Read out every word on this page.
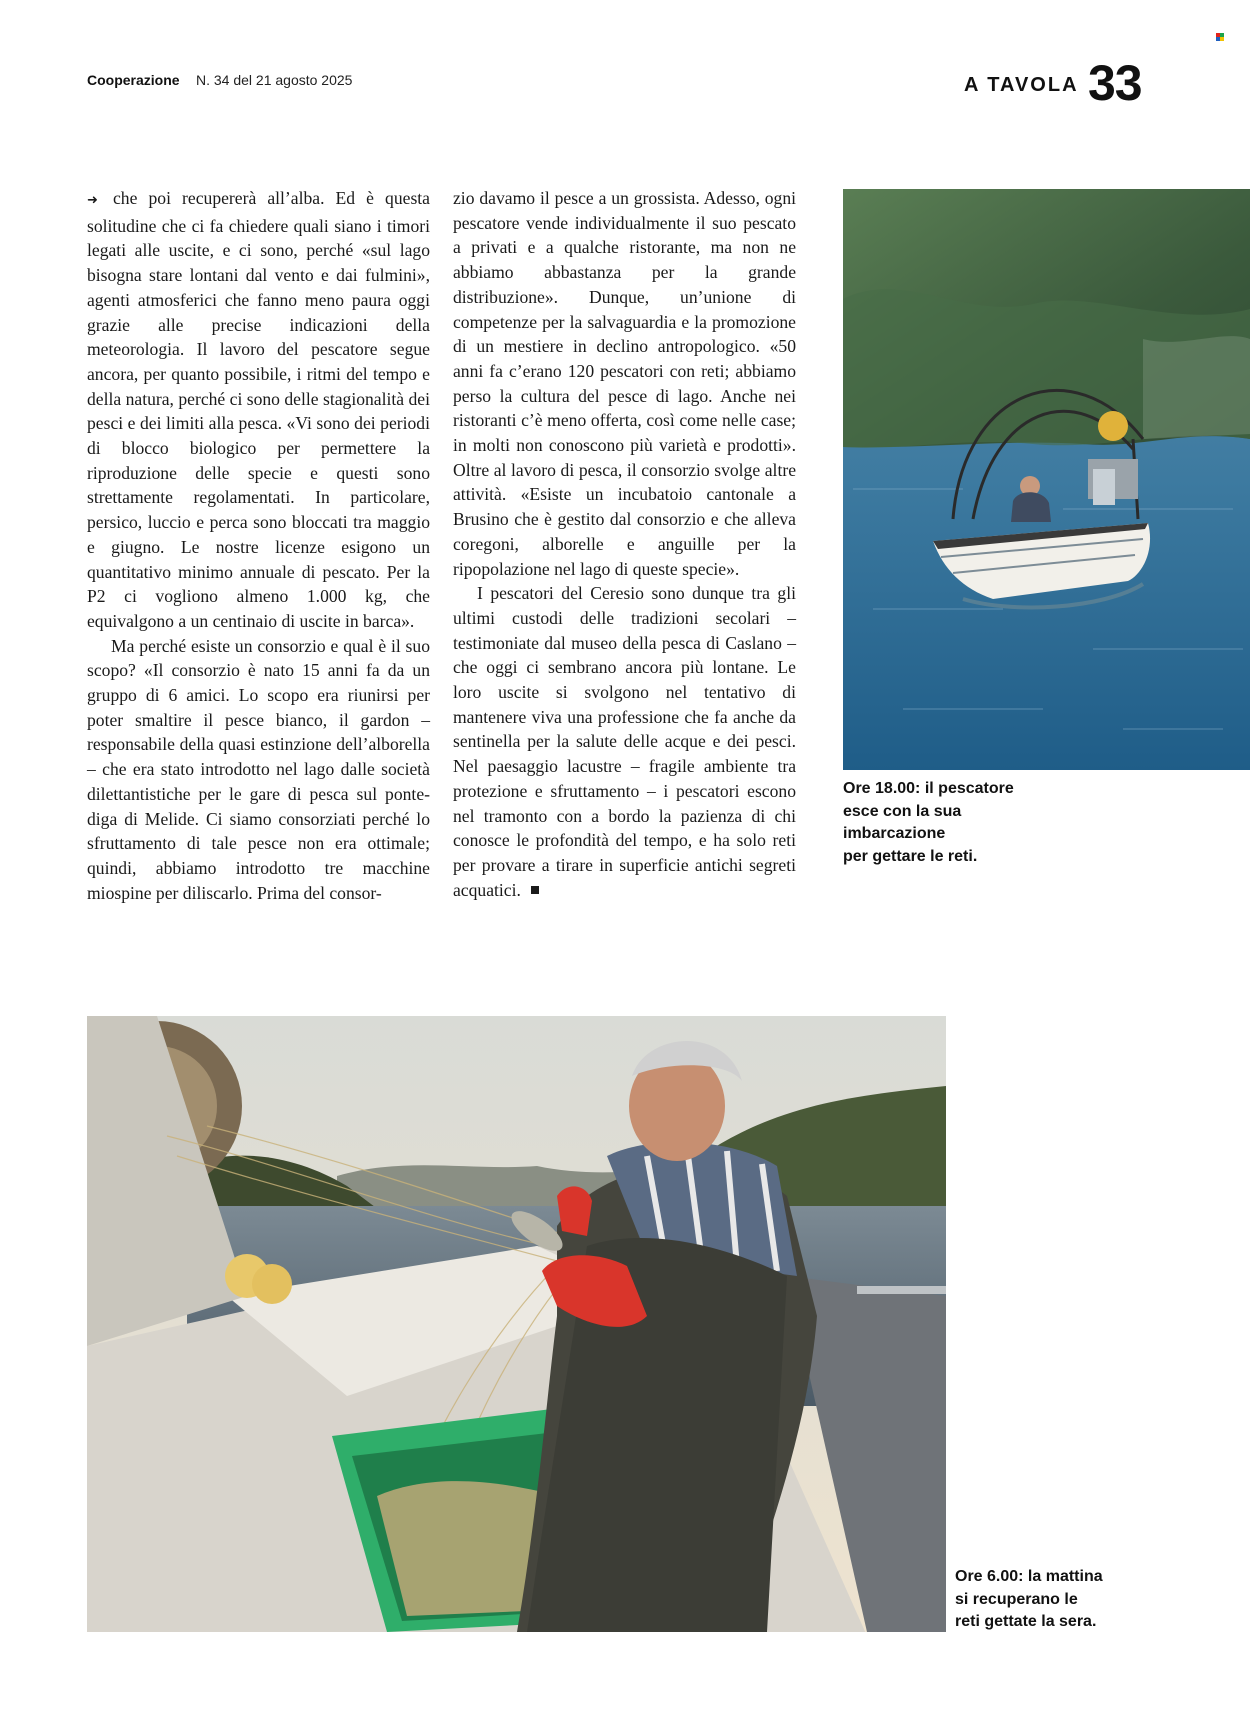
Cooperazione N. 34 del 21 agosto 2025	A TAVOLA 33

➜ che poi recupererà all’alba. Ed è questa solitudine che ci fa chiedere quali siano i timori legati alle uscite, e ci sono, perché «sul lago bisogna stare lontani dal vento e dai fulmini», agenti atmosferici che fanno meno paura oggi grazie alle precise indicazioni della meteorologia. Il lavoro del pescatore segue ancora, per quanto possibile, i ritmi del tempo e della natura, perché ci sono delle stagionalità dei pesci e dei limiti alla pesca. «Vi sono dei periodi di blocco biologico per permettere la riproduzione delle specie e questi sono strettamente regolamentati. In particolare, persico, luccio e perca sono bloccati tra maggio e giugno. Le nostre licenze esigono un quantitativo minimo annuale di pescato. Per la P2 ci vogliono almeno 1.000 kg, che equivalgono a un centinaio di uscite in barca».

Ma perché esiste un consorzio e qual è il suo scopo? «Il consorzio è nato 15 anni fa da un gruppo di 6 amici. Lo scopo era riunirsi per poter smaltire il pesce bianco, il gardon – responsabile della quasi estinzione dell’alborella – che era stato introdotto nel lago dalle società dilettantistiche per le gare di pesca sul ponte-diga di Melide. Ci siamo consorziati perché lo sfruttamento di tale pesce non era ottimale; quindi, abbiamo introdotto tre macchine miospine per diliscarlo. Prima del consor-

zio davamo il pesce a un grossista. Adesso, ogni pescatore vende individualmente il suo pescato a privati e a qualche ristorante, ma non ne abbiamo abbastanza per la grande distribuzione». Dunque, un’unione di competenze per la salvaguardia e la promozione di un mestiere in declino antropologico. «50 anni fa c’erano 120 pescatori con reti; abbiamo perso la cultura del pesce di lago. Anche nei ristoranti c’è meno offerta, così come nelle case; in molti non conoscono più varietà e prodotti». Oltre al lavoro di pesca, il consorzio svolge altre attività. «Esiste un incubatoio cantonale a Brusino che è gestito dal consorzio e che alleva coregoni, alborelle e anguille per la ripopolazione nel lago di queste specie».

I pescatori del Ceresio sono dunque tra gli ultimi custodi delle tradizioni secolari – testimoniate dal museo della pesca di Caslano – che oggi ci sembrano ancora più lontane. Le loro uscite si svolgono nel tentativo di mantenere viva una professione che fa anche da sentinella per la salute delle acque e dei pesci. Nel paesaggio lacustre – fragile ambiente tra protezione e sfruttamento – i pescatori escono nel tramonto con a bordo la pazienza di chi conosce le profondità del tempo, e ha solo reti per provare a tirare in superficie antichi segreti acquatici.

Ore 18.00: il pescatore
esce con la sua
imbarcazione
per gettare le reti.
Ore 6.00: la mattina
si recuperano le
reti gettate la sera.
